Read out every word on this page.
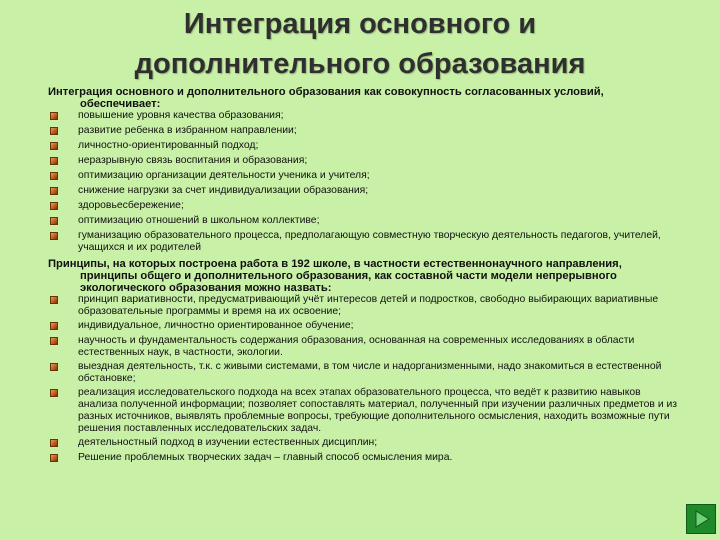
Интеграция основного и
дополнительного образования
Интеграция основного и дополнительного образования как совокупность согласованных условий, обеспечивает:
повышение уровня качества образования;
развитие ребенка в избранном направлении;
личностно-ориентированный подход;
неразрывную связь воспитания и образования;
оптимизацию организации деятельности ученика и учителя;
снижение нагрузки за счет индивидуализации образования;
здоровьесбережение;
оптимизацию отношений в школьном коллективе;
гуманизацию образовательного процесса, предполагающую совместную творческую деятельность педагогов, учителей, учащихся и их родителей
Принципы, на которых построена работа в 192 школе, в частности естественнонаучного направления, принципы общего и дополнительного образования, как составной части модели непрерывного экологического образования можно назвать:
принцип вариативности, предусматривающий учёт интересов детей и подростков, свободно выбирающих вариативные образовательные программы и время на их освоение;
индивидуальное, личностно ориентированное обучение;
научность и фундаментальность содержания образования, основанная на современных исследованиях в области естественных наук, в частности, экологии.
выездная деятельность, т.к. с живыми системами, в том числе и надорганизменными, надо знакомиться в естественной обстановке;
реализация исследовательского подхода на всех этапах образовательного процесса, что ведёт к развитию навыков анализа полученной информации; позволяет сопоставлять материал, полученный при изучении различных предметов и из разных источников, выявлять проблемные вопросы, требующие дополнительного осмысления, находить возможные пути решения поставленных исследовательских задач.
деятельностный подход в изучении естественных дисциплин;
Решение проблемных творческих задач – главный способ осмысления мира.
